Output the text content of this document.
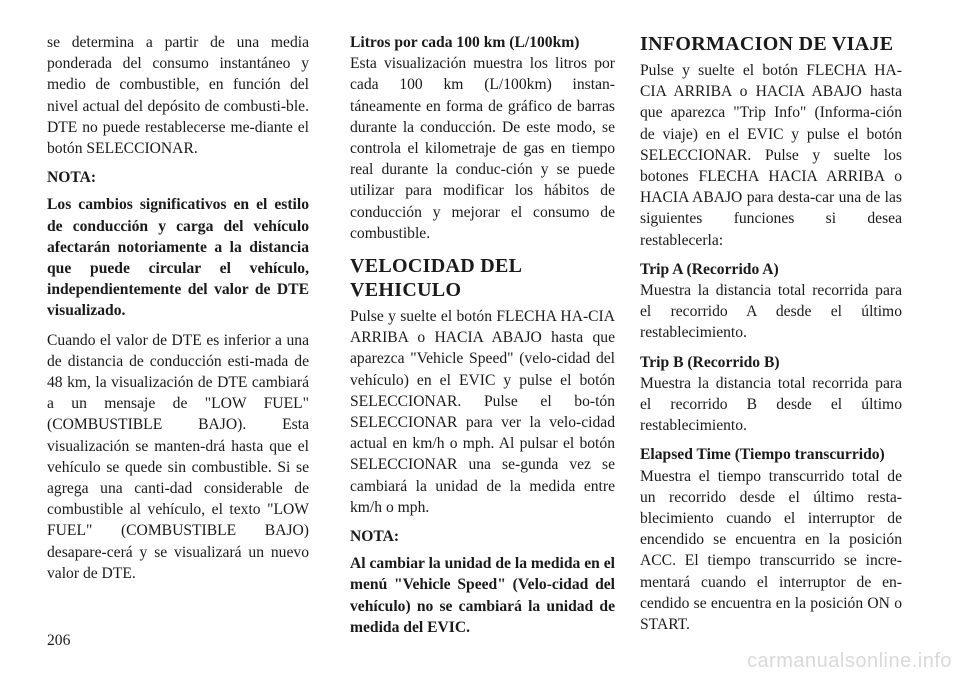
se determina a partir de una media ponderada del consumo instantáneo y medio de combustible, en función del nivel actual del depósito de combusti-ble. DTE no puede restablecerse me-diante el botón SELECCIONAR.

NOTA:

Los cambios significativos en el estilo de conducción y carga del vehículo afectarán notoriamente a la distancia que puede circular el vehículo, independientemente del valor de DTE visualizado.

Cuando el valor de DTE es inferior a una de distancia de conducción esti-mada de 48 km, la visualización de DTE cambiará a un mensaje de "LOW FUEL" (COMBUSTIBLE BAJO). Esta visualización se manten-drá hasta que el vehículo se quede sin combustible. Si se agrega una canti-dad considerable de combustible al vehículo, el texto "LOW FUEL" (COMBUSTIBLE BAJO) desapare-cerá y se visualizará un nuevo valor de DTE.

Litros por cada 100 km (L/100km)

Esta visualización muestra los litros por cada 100 km (L/100km) instan-táneamente en forma de gráfico de barras durante la conducción. De este modo, se controla el kilometraje de gas en tiempo real durante la conduc-ción y se puede utilizar para modificar los hábitos de conducción y mejorar el consumo de combustible.

VELOCIDAD DEL VEHICULO

Pulse y suelte el botón FLECHA HA-CIA ARRIBA o HACIA ABAJO hasta que aparezca "Vehicle Speed" (velo-cidad del vehículo) en el EVIC y pulse el botón SELECCIONAR. Pulse el bo-tón SELECCIONAR para ver la velo-cidad actual en km/h o mph. Al pulsar el botón SELECCIONAR una se-gunda vez se cambiará la unidad de la medida entre km/h o mph.

NOTA:

Al cambiar la unidad de la medida en el menú "Vehicle Speed" (Velo-cidad del vehículo) no se cambiará la unidad de medida del EVIC.

INFORMACION DE VIAJE

Pulse y suelte el botón FLECHA HA-CIA ARRIBA o HACIA ABAJO hasta que aparezca "Trip Info" (Informa-ción de viaje) en el EVIC y pulse el botón SELECCIONAR. Pulse y suelte los botones FLECHA HACIA ARRIBA o HACIA ABAJO para desta-car una de las siguientes funciones si desea restablecerla:

Trip A (Recorrido A)

Muestra la distancia total recorrida para el recorrido A desde el último restablecimiento.

Trip B (Recorrido B)

Muestra la distancia total recorrida para el recorrido B desde el último restablecimiento.

Elapsed Time (Tiempo transcurrido)

Muestra el tiempo transcurrido total de un recorrido desde el último resta-blecimiento cuando el interruptor de encendido se encuentra en la posición ACC. El tiempo transcurrido se incre-mentará cuando el interruptor de en-cendido se encuentra en la posición ON o START.

206
carmanualsonline.info
